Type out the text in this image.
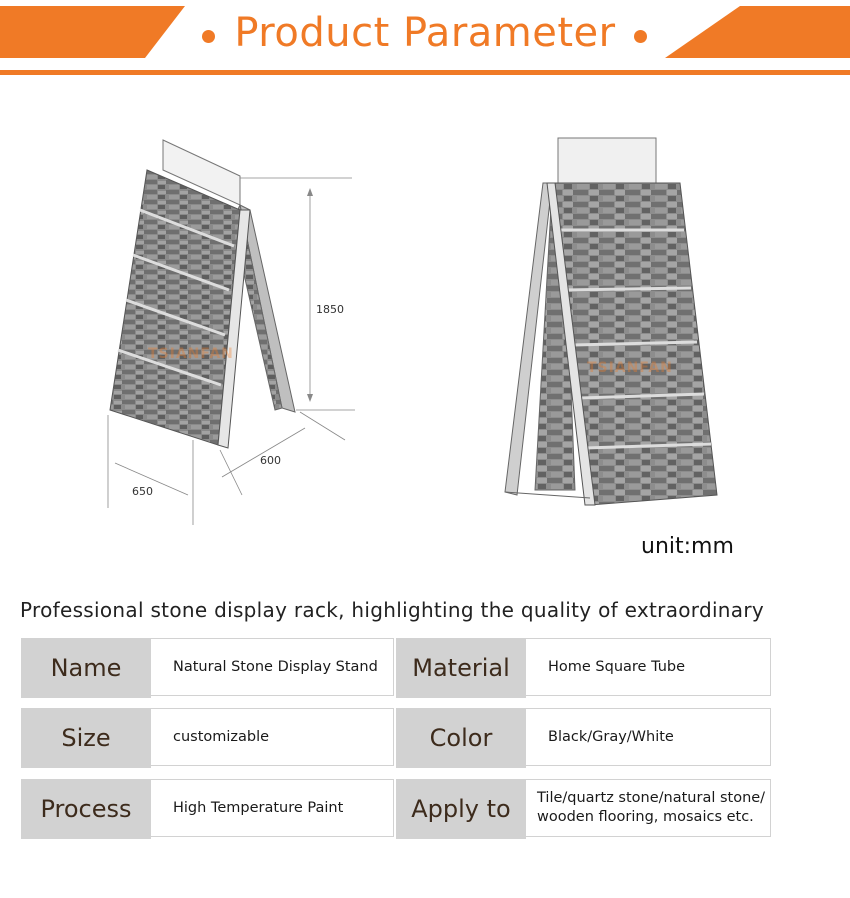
Product Parameter
1850
600
650
TSIANFAN
TSIANFAN
unit:mm
Professional stone display rack, highlighting the quality of extraordinary
Name	Natural Stone Display Stand	Material	Home Square Tube
Size	customizable	Color	Black/Gray/White
Process	High Temperature Paint	Apply to	Tile/quartz stone/natural stone/
wooden flooring, mosaics etc.
